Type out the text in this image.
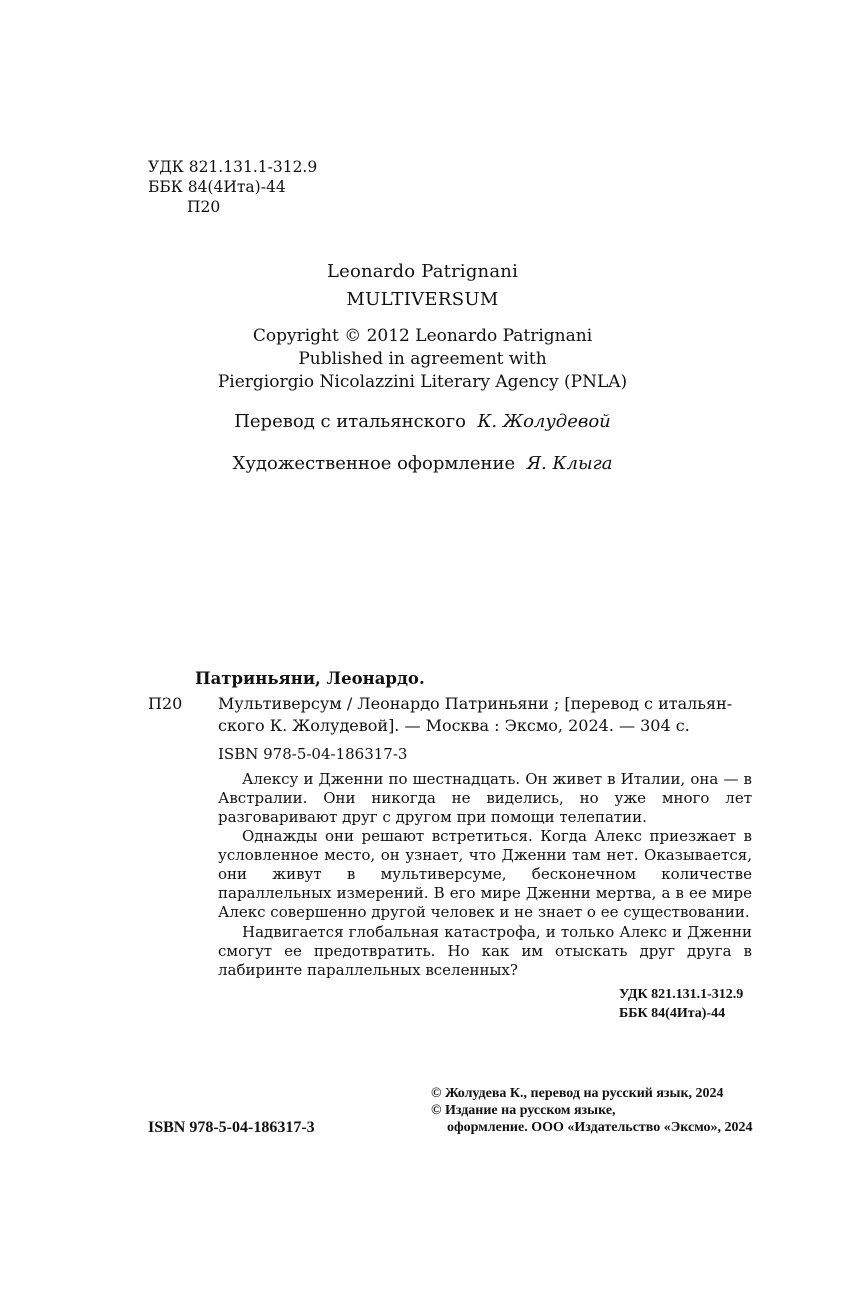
УДК 821.131.1-312.9
ББК 84(4Ита)-44
П20
Leonardo Patrignani
MULTIVERSUM
Copyright © 2012 Leonardo Patrignani
Published in agreement with
Piergiorgio Nicolazzini Literary Agency (PNLA)
Перевод с итальянского К. Жолудевой
Художественное оформление Я. Клыга
Патриньяни, Леонардо.
П20 Мультиверсум / Леонардо Патриньяни ; [перевод с итальян-
ского К. Жолудевой]. — Москва : Эксмо, 2024. — 304 с.
ISBN 978-5-04-186317-3

Алексу и Дженни по шестнадцать. Он живет в Италии, она — в Австралии. Они никогда не виделись, но уже много лет разговаривают друг с другом при помощи телепатии.

Однажды они решают встретиться. Когда Алекс приезжает в условленное место, он узнает, что Дженни там нет. Оказывается, они живут в мультиверсуме, бесконечном количестве параллельных измерений. В его мире Дженни мертва, а в ее мире Алекс совершенно другой человек и не знает о ее существовании.

Надвигается глобальная катастрофа, и только Алекс и Дженни смогут ее предотвратить. Но как им отыскать друг друга в лабиринте параллельных вселенных?

УДК 821.131.1-312.9
ББК 84(4Ита)-44
ISBN 978-5-04-186317-3
© Жолудева К., перевод на русский язык, 2024
© Издание на русском языке,
оформление. ООО «Издательство «Эксмо», 2024
